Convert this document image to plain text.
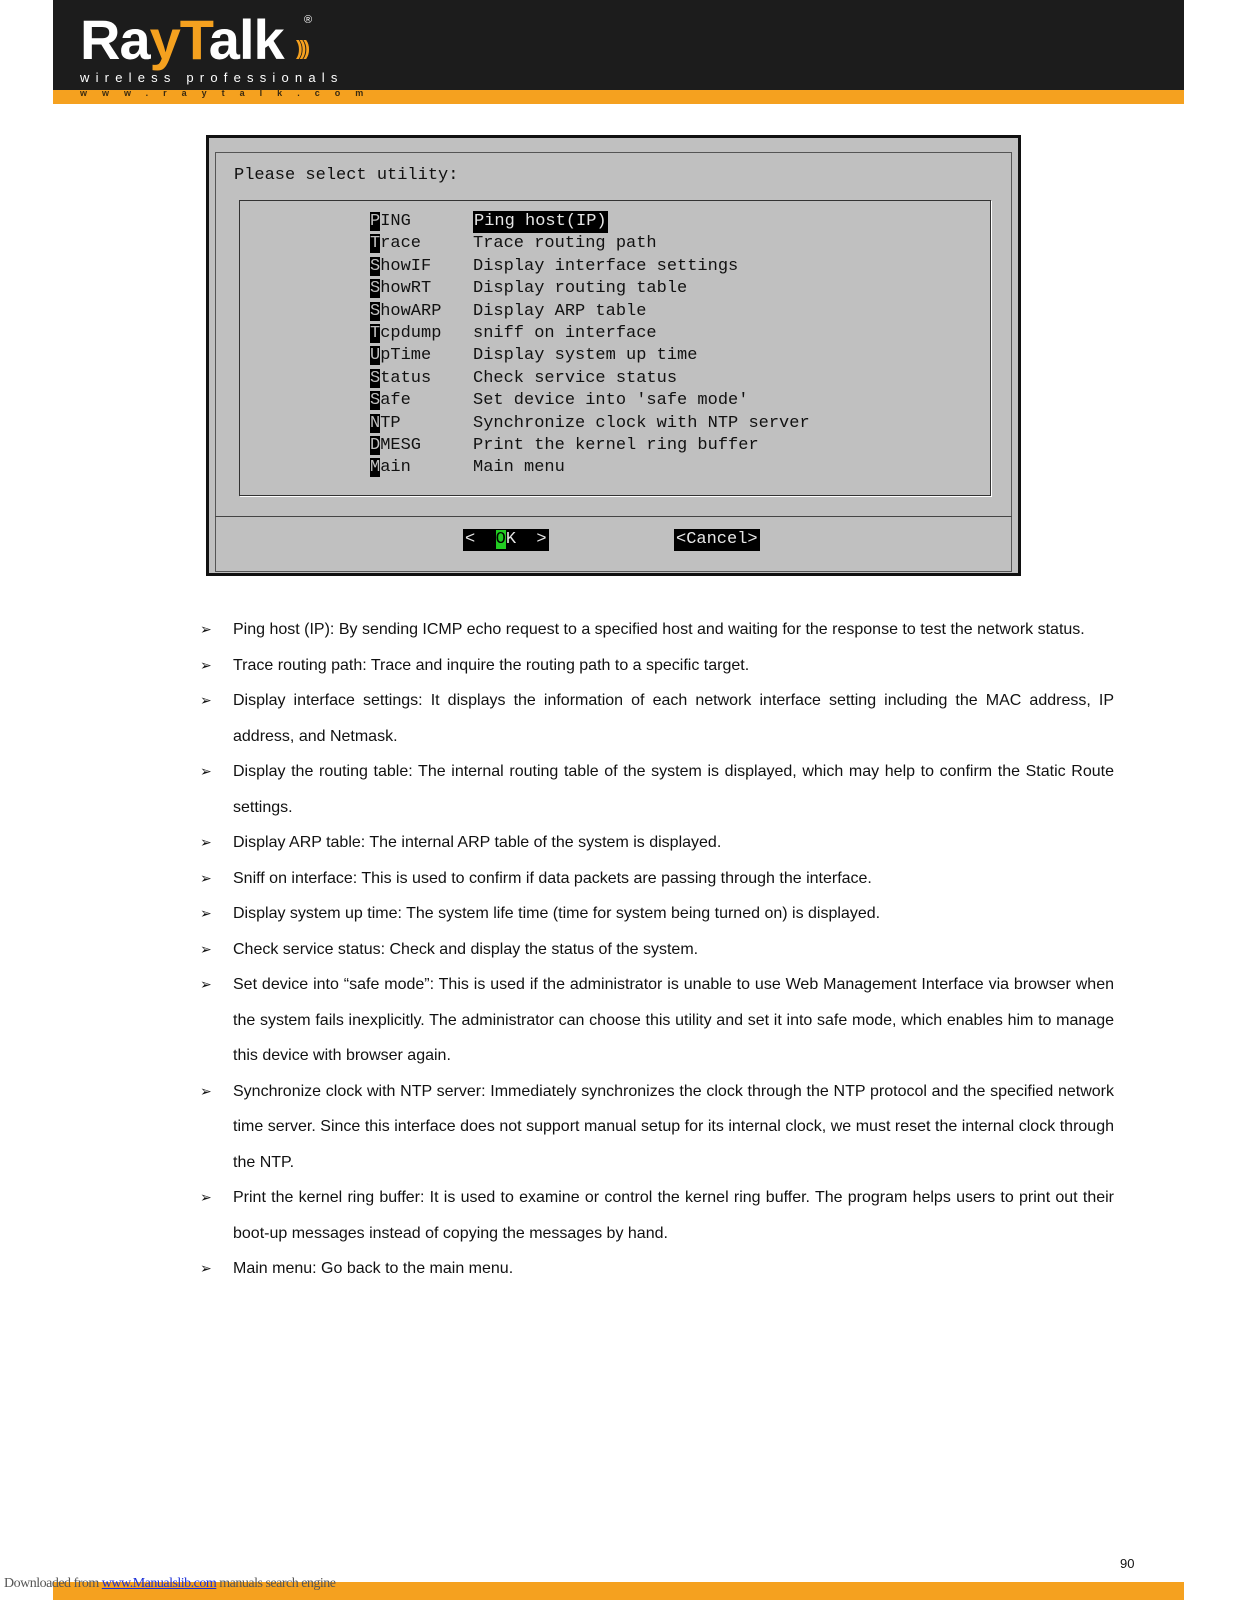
RayTalk ®
)))
wireless professionals
www.raytalk.com
Please select utility:
PING	Ping host(IP)
Trace	Trace routing path
ShowIF Display interface settings
ShowRT Display routing table
ShowARP Display ARP table
Tcpdump sniff on interface
UpTime Display system up time
Status Check service status
Safe	Set device into 'safe mode'
NTP	Synchronize clock with NTP server
DMESG	Print the kernel ring buffer
Main	Main menu
<  OK  >	<Cancel>
➢ Ping host (IP): By sending ICMP echo request to a specified host and waiting for the response to test the network status.
➢ Trace routing path: Trace and inquire the routing path to a specific target.
➢ Display interface settings: It displays the information of each network interface setting including the MAC address, IP address, and Netmask.
➢ Display the routing table: The internal routing table of the system is displayed, which may help to confirm the Static Route settings.
➢ Display ARP table: The internal ARP table of the system is displayed.
➢ Sniff on interface: This is used to confirm if data packets are passing through the interface.
➢ Display system up time: The system life time (time for system being turned on) is displayed.
➢ Check service status: Check and display the status of the system.
➢ Set device into “safe mode”: This is used if the administrator is unable to use Web Management Interface via browser when the system fails inexplicitly. The administrator can choose this utility and set it into safe mode, which enables him to manage this device with browser again.
➢ Synchronize clock with NTP server: Immediately synchronizes the clock through the NTP protocol and the specified network time server. Since this interface does not support manual setup for its internal clock, we must reset the internal clock through the NTP.
➢ Print the kernel ring buffer: It is used to examine or control the kernel ring buffer. The program helps users to print out their boot-up messages instead of copying the messages by hand.
➢ Main menu: Go back to the main menu.
90
Downloaded from www.Manualslib.com manuals search engine
